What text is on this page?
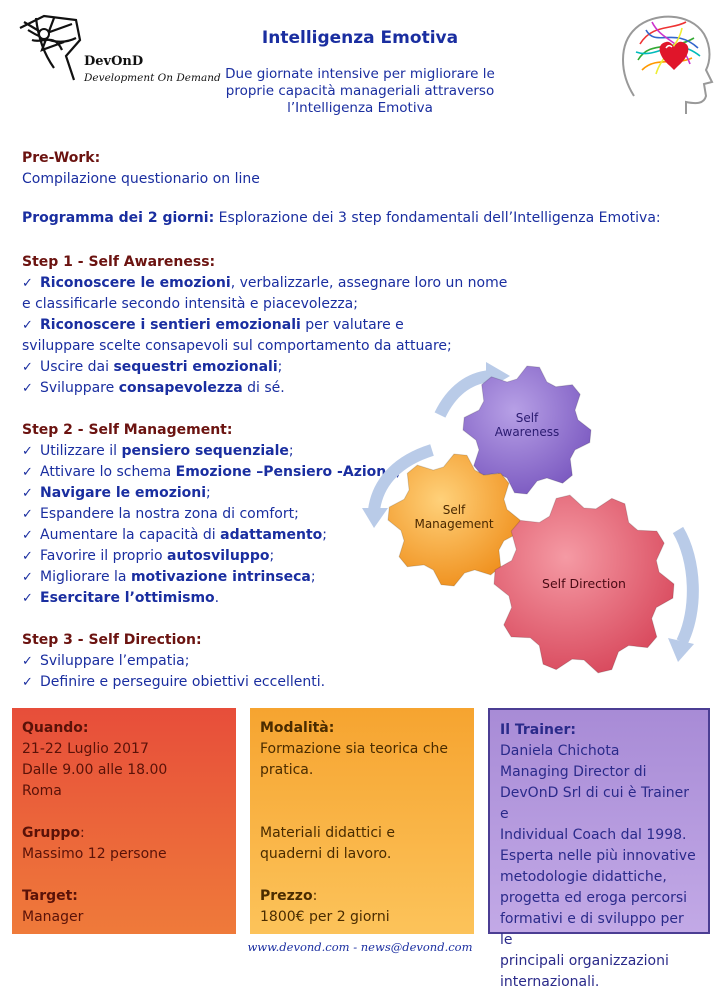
DevOnD
Development On Demand
Intelligenza Emotiva
Due giornate intensive per migliorare le
proprie capacità manageriali attraverso
l’Intelligenza Emotiva
Pre-Work:
Compilazione questionario on line
Programma dei 2 giorni: Esplorazione dei 3 step fondamentali dell’Intelligenza Emotiva:
Step 1 - Self Awareness:
✓ Riconoscere le emozioni, verbalizzarle, assegnare loro un nome
e classificarle secondo intensità e piacevolezza;
✓ Riconoscere i sentieri emozionali per valutare e
sviluppare scelte consapevoli sul comportamento da attuare;
✓ Uscire dai sequestri emozionali;
✓ Sviluppare consapevolezza di sé.
Step 2 - Self Management:
✓ Utilizzare il pensiero sequenziale;
✓ Attivare lo schema Emozione –Pensiero -Azione;
✓ Navigare le emozioni;
✓ Espandere la nostra zona di comfort;
✓ Aumentare la capacità di adattamento;
✓ Favorire il proprio autosviluppo;
✓ Migliorare la motivazione intrinseca;
✓ Esercitare l’ottimismo.
Step 3 - Self Direction:
✓ Sviluppare l’empatia;
✓ Definire e perseguire obiettivi eccellenti.
Self
Awareness
Self
Management
Self Direction
Quando:
21-22 Luglio 2017
Dalle 9.00 alle 18.00
Roma
Gruppo:
Massimo 12 persone
Target:
Manager
Modalità:
Formazione sia teorica che
pratica.
Materiali didattici e
quaderni di lavoro.
Prezzo:
1800€ per 2 giorni
Il Trainer:
Daniela Chichota
Managing Director di
DevOnD Srl di cui è Trainer e
Individual Coach dal 1998.
Esperta nelle più innovative
metodologie didattiche,
progetta ed eroga percorsi
formativi e di sviluppo per le
principali organizzazioni
internazionali.
www.devond.com - news@devond.com
